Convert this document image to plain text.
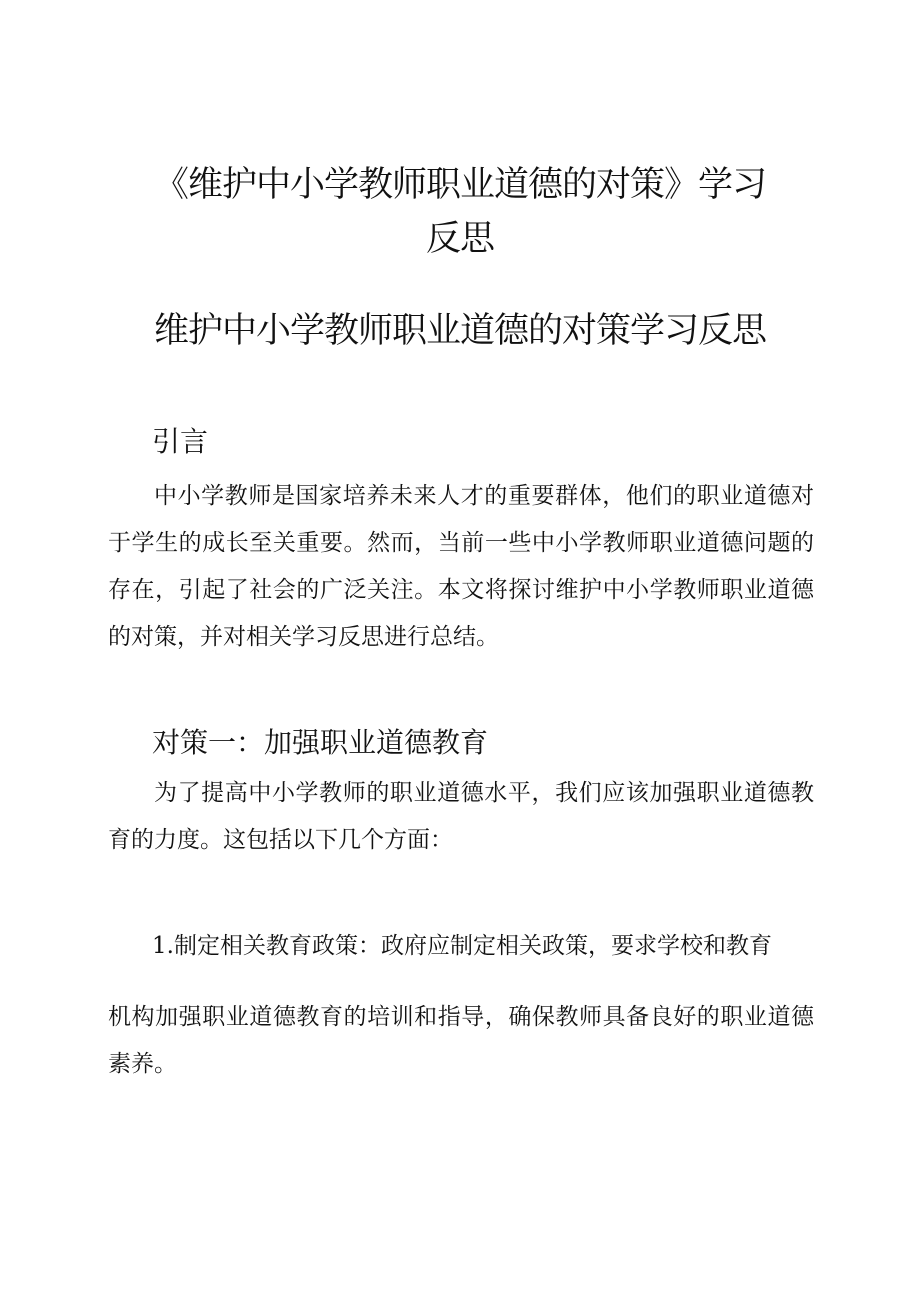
《维护中小学教师职业道德的对策》学习
反思
维护中小学教师职业道德的对策学习反思
引言

中小学教师是国家培养未来人才的重要群体，他们的职业道德对于学生的成长至关重要。然而，当前一些中小学教师职业道德问题的存在，引起了社会的广泛关注。本文将探讨维护中小学教师职业道德的对策，并对相关学习反思进行总结。

对策一：加强职业道德教育

为了提高中小学教师的职业道德水平，我们应该加强职业道德教育的力度。这包括以下几个方面：

1.制定相关教育政策：政府应制定相关政策，要求学校和教育

机构加强职业道德教育的培训和指导，确保教师具备良好的职业道德素养。
